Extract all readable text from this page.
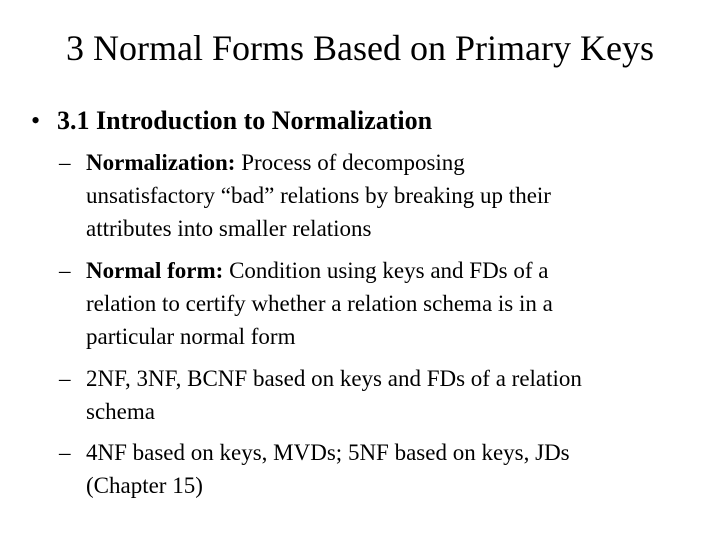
3 Normal Forms Based on Primary Keys
• 3.1 Introduction to Normalization
– Normalization: Process of decomposing
unsatisfactory “bad” relations by breaking up their
attributes into smaller relations
– Normal form: Condition using keys and FDs of a
relation to certify whether a relation schema is in a
particular normal form
– 2NF, 3NF, BCNF based on keys and FDs of a relation
schema
– 4NF based on keys, MVDs; 5NF based on keys, JDs
(Chapter 15)
